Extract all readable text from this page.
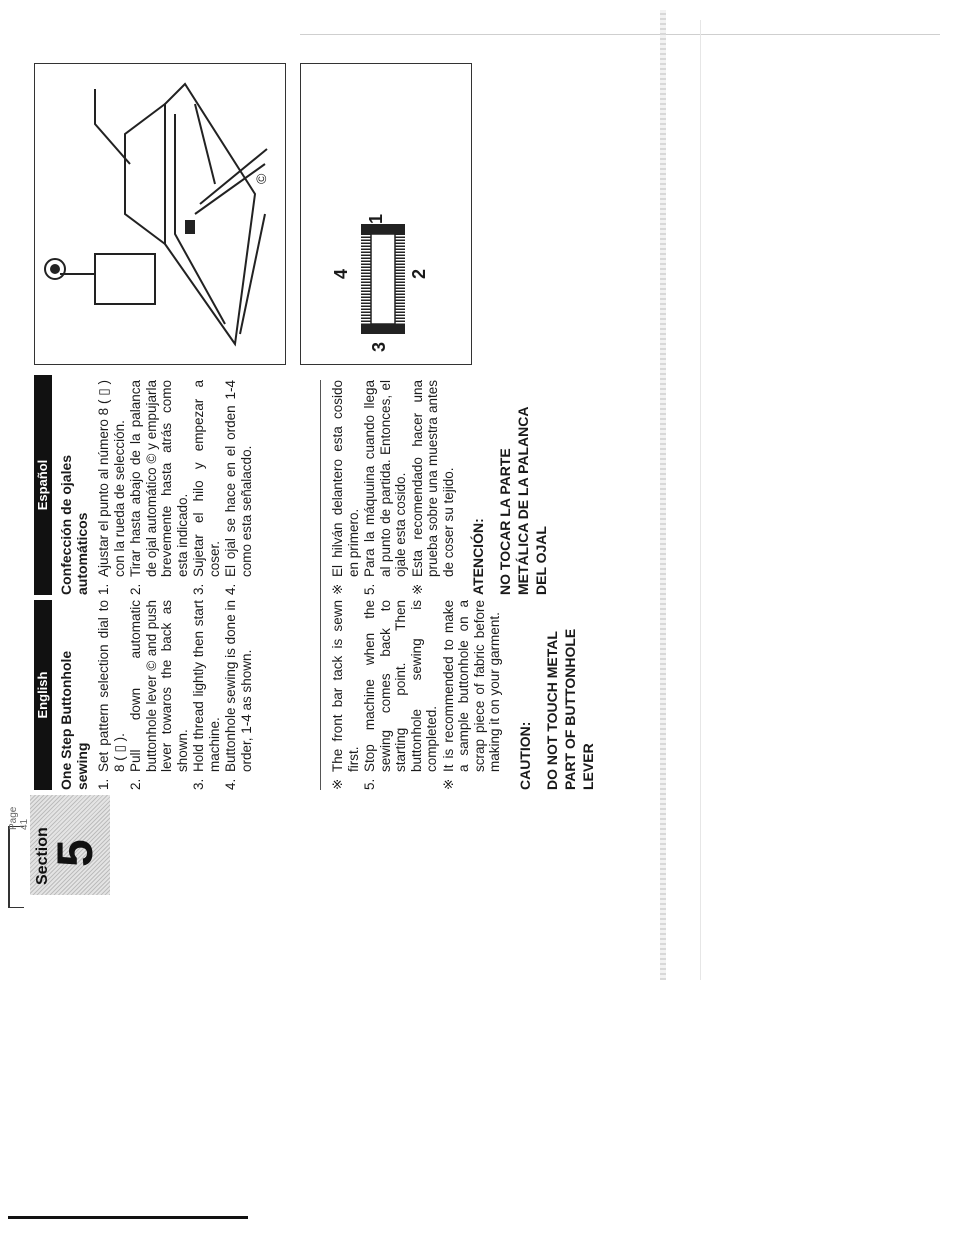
Page 41
Section
5
English
Español
One Step Buttonhole sewing 1.
Set pattern selection dial to 8 ( ▯ ).
2.
Pull down automatic buttonhole lever © and push lever towaros the back as shown.
3.
Hold thread lightly then start machine.
4.
Buttonhole sewing is done in order, 1-4 as shown.
Confección de ojales automáticos 1.
Ajustar el punto al número 8 ( ▯ ) con la rueda de selección.
2.
Tirar hasta abajo de la palanca de ojal automático © y empujarla brevemente hasta atrás como esta indicado.
3.
Sujetar el hilo y empezar a coser.
4.
El ojal se hace en el orden 1-4 como esta señalacdo.
※
The front bar tack is sewn first.
5.
Stop machine when the sewing comes back to starting point. Then buttonhole sewing is completed.
※
It is recommended to make a sample buttonhole on a scrap piece of fabric before making it on your garment. CAUTION: DO NOT TOUCH METAL PART OF BUTTONHOLE LEVER
※
El hilván delantero esta cosido en primero.
5.
Para la máquuina cuando llega al punto de partida. Entonces, el ojale esta cosido.
※
Esta recomendado hacer una prueba sobre una muestra antes de coser su tejido. ATENCIÓN: NO TOCAR LA PARTE METÁLICA DE LA PALANCA DEL OJAL
©
1
2
3
4
